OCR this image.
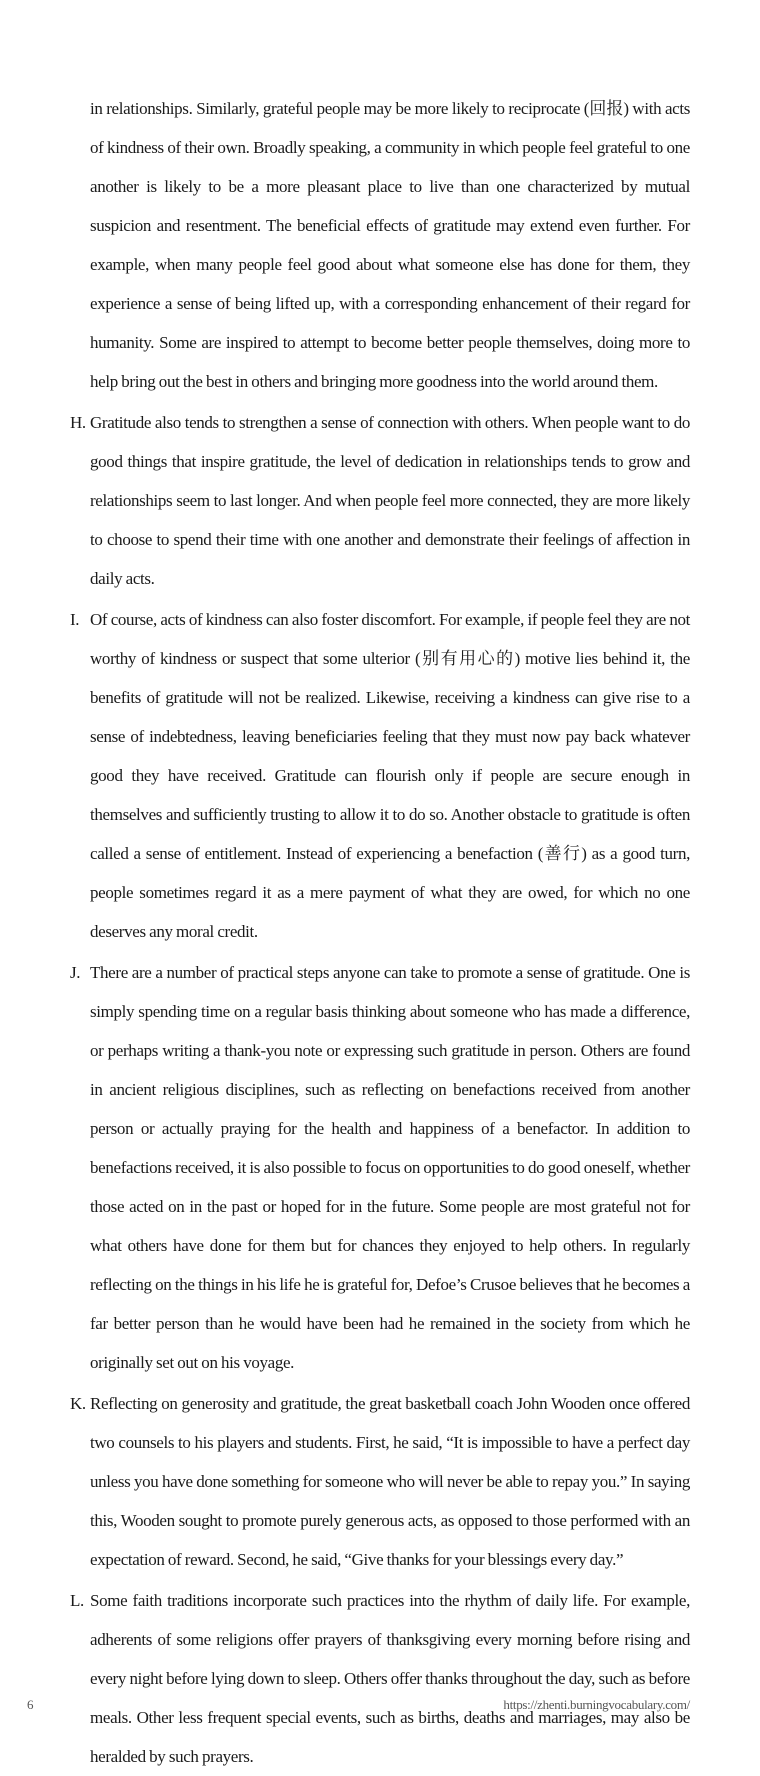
in relationships. Similarly, grateful people may be more likely to reciprocate (回报) with acts of kindness of their own. Broadly speaking, a community in which people feel grateful to one another is likely to be a more pleasant place to live than one characterized by mutual suspicion and resentment. The beneficial effects of gratitude may extend even further. For example, when many people feel good about what someone else has done for them, they experience a sense of being lifted up, with a corresponding enhancement of their regard for humanity. Some are inspired to attempt to become better people themselves, doing more to help bring out the best in others and bringing more goodness into the world around them.

H. Gratitude also tends to strengthen a sense of connection with others. When people want to do good things that inspire gratitude, the level of dedication in relationships tends to grow and relationships seem to last longer. And when people feel more connected, they are more likely to choose to spend their time with one another and demonstrate their feelings of affection in daily acts.

I. Of course, acts of kindness can also foster discomfort. For example, if people feel they are not worthy of kindness or suspect that some ulterior (别有用心的) motive lies behind it, the benefits of gratitude will not be realized. Likewise, receiving a kindness can give rise to a sense of indebtedness, leaving beneficiaries feeling that they must now pay back whatever good they have received. Gratitude can flourish only if people are secure enough in themselves and sufficiently trusting to allow it to do so. Another obstacle to gratitude is often called a sense of entitlement. Instead of experiencing a benefaction (善行) as a good turn, people sometimes regard it as a mere payment of what they are owed, for which no one deserves any moral credit.

J. There are a number of practical steps anyone can take to promote a sense of gratitude. One is simply spending time on a regular basis thinking about someone who has made a difference, or perhaps writing a thank-you note or expressing such gratitude in person. Others are found in ancient religious disciplines, such as reflecting on benefactions received from another person or actually praying for the health and happiness of a benefactor. In addition to benefactions received, it is also possible to focus on opportunities to do good oneself, whether those acted on in the past or hoped for in the future. Some people are most grateful not for what others have done for them but for chances they enjoyed to help others. In regularly reflecting on the things in his life he is grateful for, Defoe’s Crusoe believes that he becomes a far better person than he would have been had he remained in the society from which he originally set out on his voyage.

K. Reflecting on generosity and gratitude, the great basketball coach John Wooden once offered two counsels to his players and students. First, he said, “It is impossible to have a perfect day unless you have done something for someone who will never be able to repay you.” In saying this, Wooden sought to promote purely generous acts, as opposed to those performed with an expectation of reward. Second, he said, “Give thanks for your blessings every day.”

L. Some faith traditions incorporate such practices into the rhythm of daily life. For example, adherents of some religions offer prayers of thanksgiving every morning before rising and every night before lying down to sleep. Others offer thanks throughout the day, such as before meals. Other less frequent special events, such as births, deaths and marriages, may also be heralded by such prayers.

6	https://zhenti.burningvocabulary.com/
